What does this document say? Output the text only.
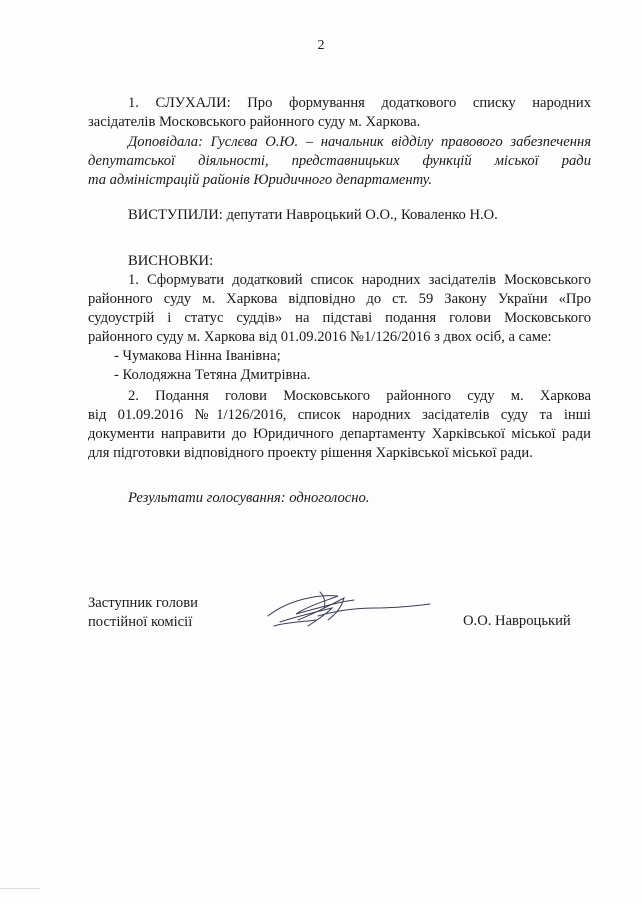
2
1. СЛУХАЛИ: Про формування додаткового списку народних
засідателів Московського районного суду м. Харкова.
Доповідала: Гуслєва О.Ю. – начальник відділу правового забезпечення
депутатської діяльності, представницьких функцій міської ради
та адміністрацій районів Юридичного департаменту.
ВИСТУПИЛИ: депутати Навроцький О.О., Коваленко Н.О.
ВИСНОВКИ:
1. Сформувати додатковий список народних засідателів Московського
районного суду м. Харкова відповідно до ст. 59 Закону України «Про
судоустрій і статус суддів» на підставі подання голови Московського
районного суду м. Харкова від 01.09.2016 №1/126/2016 з двох осіб, а саме:
- Чумакова Нінна Іванівна;
- Колодяжна Тетяна Дмитрівна.
2. Подання голови Московського районного суду м. Харкова
від 01.09.2016 №1/126/2016, список народних засідателів суду та інші
документи направити до Юридичного департаменту Харківської міської ради
для підготовки відповідного проекту рішення Харківської міської ради.
Результати голосування: одноголосно.
Заступник голови
постійної комісії	О.О. Навроцький
